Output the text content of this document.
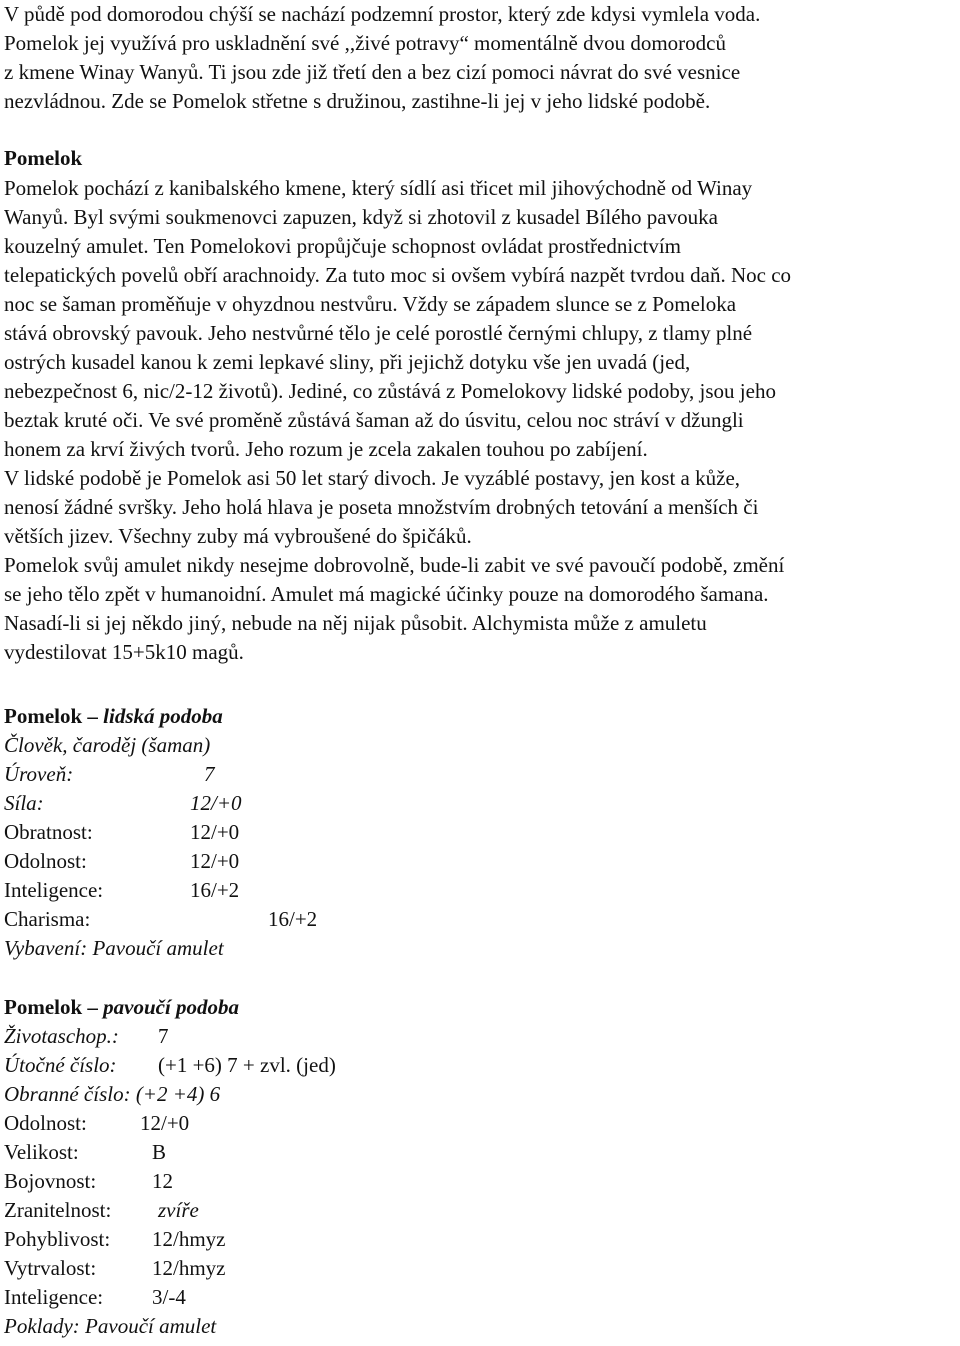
V půdě pod domorodou chýší se nachází podzemní prostor, který zde kdysi vymlela voda.
Pomelok jej využívá pro uskladnění své ,,živé potravy“ momentálně dvou domorodců
z kmene Winay Wanyů. Ti jsou zde již třetí den a bez cizí pomoci návrat do své vesnice
nezvládnou. Zde se Pomelok střetne s družinou, zastihne-li jej v jeho lidské podobě.
Pomelok
Pomelok pochází z kanibalského kmene, který sídlí asi třicet mil jihovýchodně od Winay
Wanyů. Byl svými soukmenovci zapuzen, když si zhotovil z kusadel Bílého pavouka
kouzelný amulet. Ten Pomelokovi propůjčuje schopnost ovládat prostřednictvím
telepatických povelů obří arachnoidy. Za tuto moc si ovšem vybírá nazpět tvrdou daň. Noc co
noc se šaman proměňuje v ohyzdnou nestvůru. Vždy se západem slunce se z Pomeloka
stává obrovský pavouk. Jeho nestvůrné tělo je celé porostlé černými chlupy, z tlamy plné
ostrých kusadel kanou k zemi lepkavé sliny, při jejichž dotyku vše jen uvadá (jed,
nebezpečnost 6, nic/2-12 životů). Jediné, co zůstává z Pomelokovy lidské podoby, jsou jeho
beztak kruté oči. Ve své proměně zůstává šaman až do úsvitu, celou noc stráví v džungli
honem za krví živých tvorů. Jeho rozum je zcela zakalen touhou po zabíjení.
V lidské podobě je Pomelok asi 50 let starý divoch. Je vyzáblé postavy, jen kost a kůže,
nenosí žádné svršky. Jeho holá hlava je poseta množstvím drobných tetování a menších či
větších jizev. Všechny zuby má vybroušené do špičáků.
Pomelok svůj amulet nikdy nesejme dobrovolně, bude-li zabit ve své pavoučí podobě, změní
se jeho tělo zpět v humanoidní. Amulet má magické účinky pouze na domorodého šamana.
Nasadí-li si jej někdo jiný, nebude na něj nijak působit. Alchymista může z amuletu
vydestilovat 15+5k10 magů.
Pomelok – lidská podoba
Člověk, čaroděj (šaman)
Úroveň:	7
Síla:	12/+0
Obratnost:	12/+0
Odolnost:	12/+0
Inteligence:	16/+2
Charisma:	16/+2
Vybavení: Pavoučí amulet
Pomelok – pavoučí podoba
Životaschop.: 7
Útočné číslo: (+1 +6) 7 + zvl. (jed)
Obranné číslo: (+2 +4) 6
Odolnost:	12/+0
Velikost:	B
Bojovnost:	12
Zranitelnost: zvíře
Pohyblivost: 12/hmyz
Vytrvalost:	12/hmyz
Inteligence: 3/-4
Poklady: Pavoučí amulet
